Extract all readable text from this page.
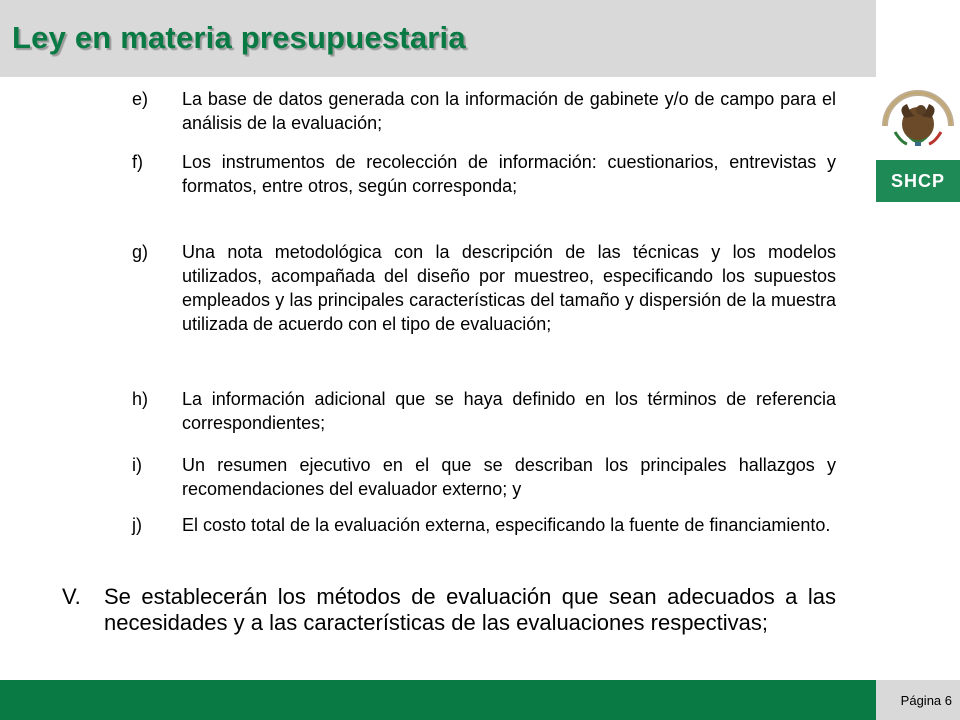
Ley en materia presupuestaria
SHCP
e) La base de datos generada con la información de gabinete y/o de campo para el análisis de la evaluación;
f) Los instrumentos de recolección de información: cuestionarios, entrevistas y formatos, entre otros, según corresponda;
g) Una nota metodológica con la descripción de las técnicas y los modelos utilizados, acompañada del diseño por muestreo, especificando los supuestos empleados y las principales características del tamaño y dispersión de la muestra utilizada de acuerdo con el tipo de evaluación;
h) La información adicional que se haya definido en los términos de referencia correspondientes;
i) Un resumen ejecutivo en el que se describan los principales hallazgos y recomendaciones del evaluador externo; y
j) El costo total de la evaluación externa, especificando la fuente de financiamiento.
V. Se establecerán los métodos de evaluación que sean adecuados a las necesidades y a las características de las evaluaciones respectivas;
Página 6
